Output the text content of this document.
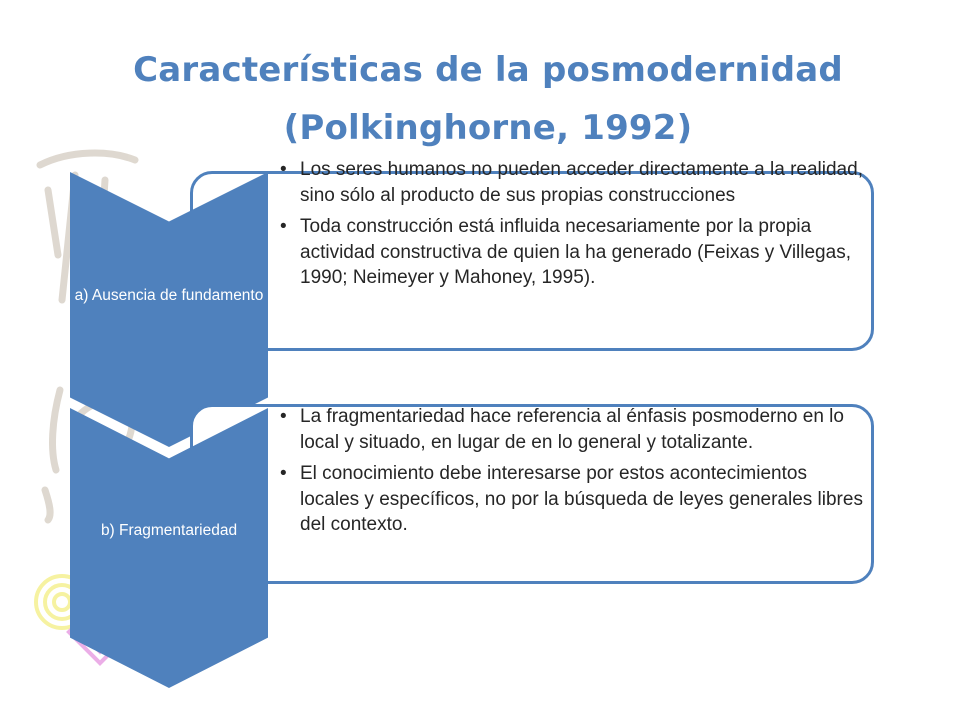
Características de la posmodernidad
(Polkinghorne, 1992)
a) Ausencia de fundamento
• Los seres humanos no pueden acceder directamente a la realidad, sino sólo al producto de sus propias construcciones
• Toda construcción está influida necesariamente por la propia actividad constructiva de quien la ha generado (Feixas y Villegas, 1990; Neimeyer y Mahoney, 1995).
b) Fragmentariedad
• La fragmentariedad hace referencia al énfasis posmoderno en lo local y situado, en lugar de en lo general y totalizante.
• El conocimiento debe interesarse por estos acontecimientos locales y específicos, no por la búsqueda de leyes generales libres del contexto.
